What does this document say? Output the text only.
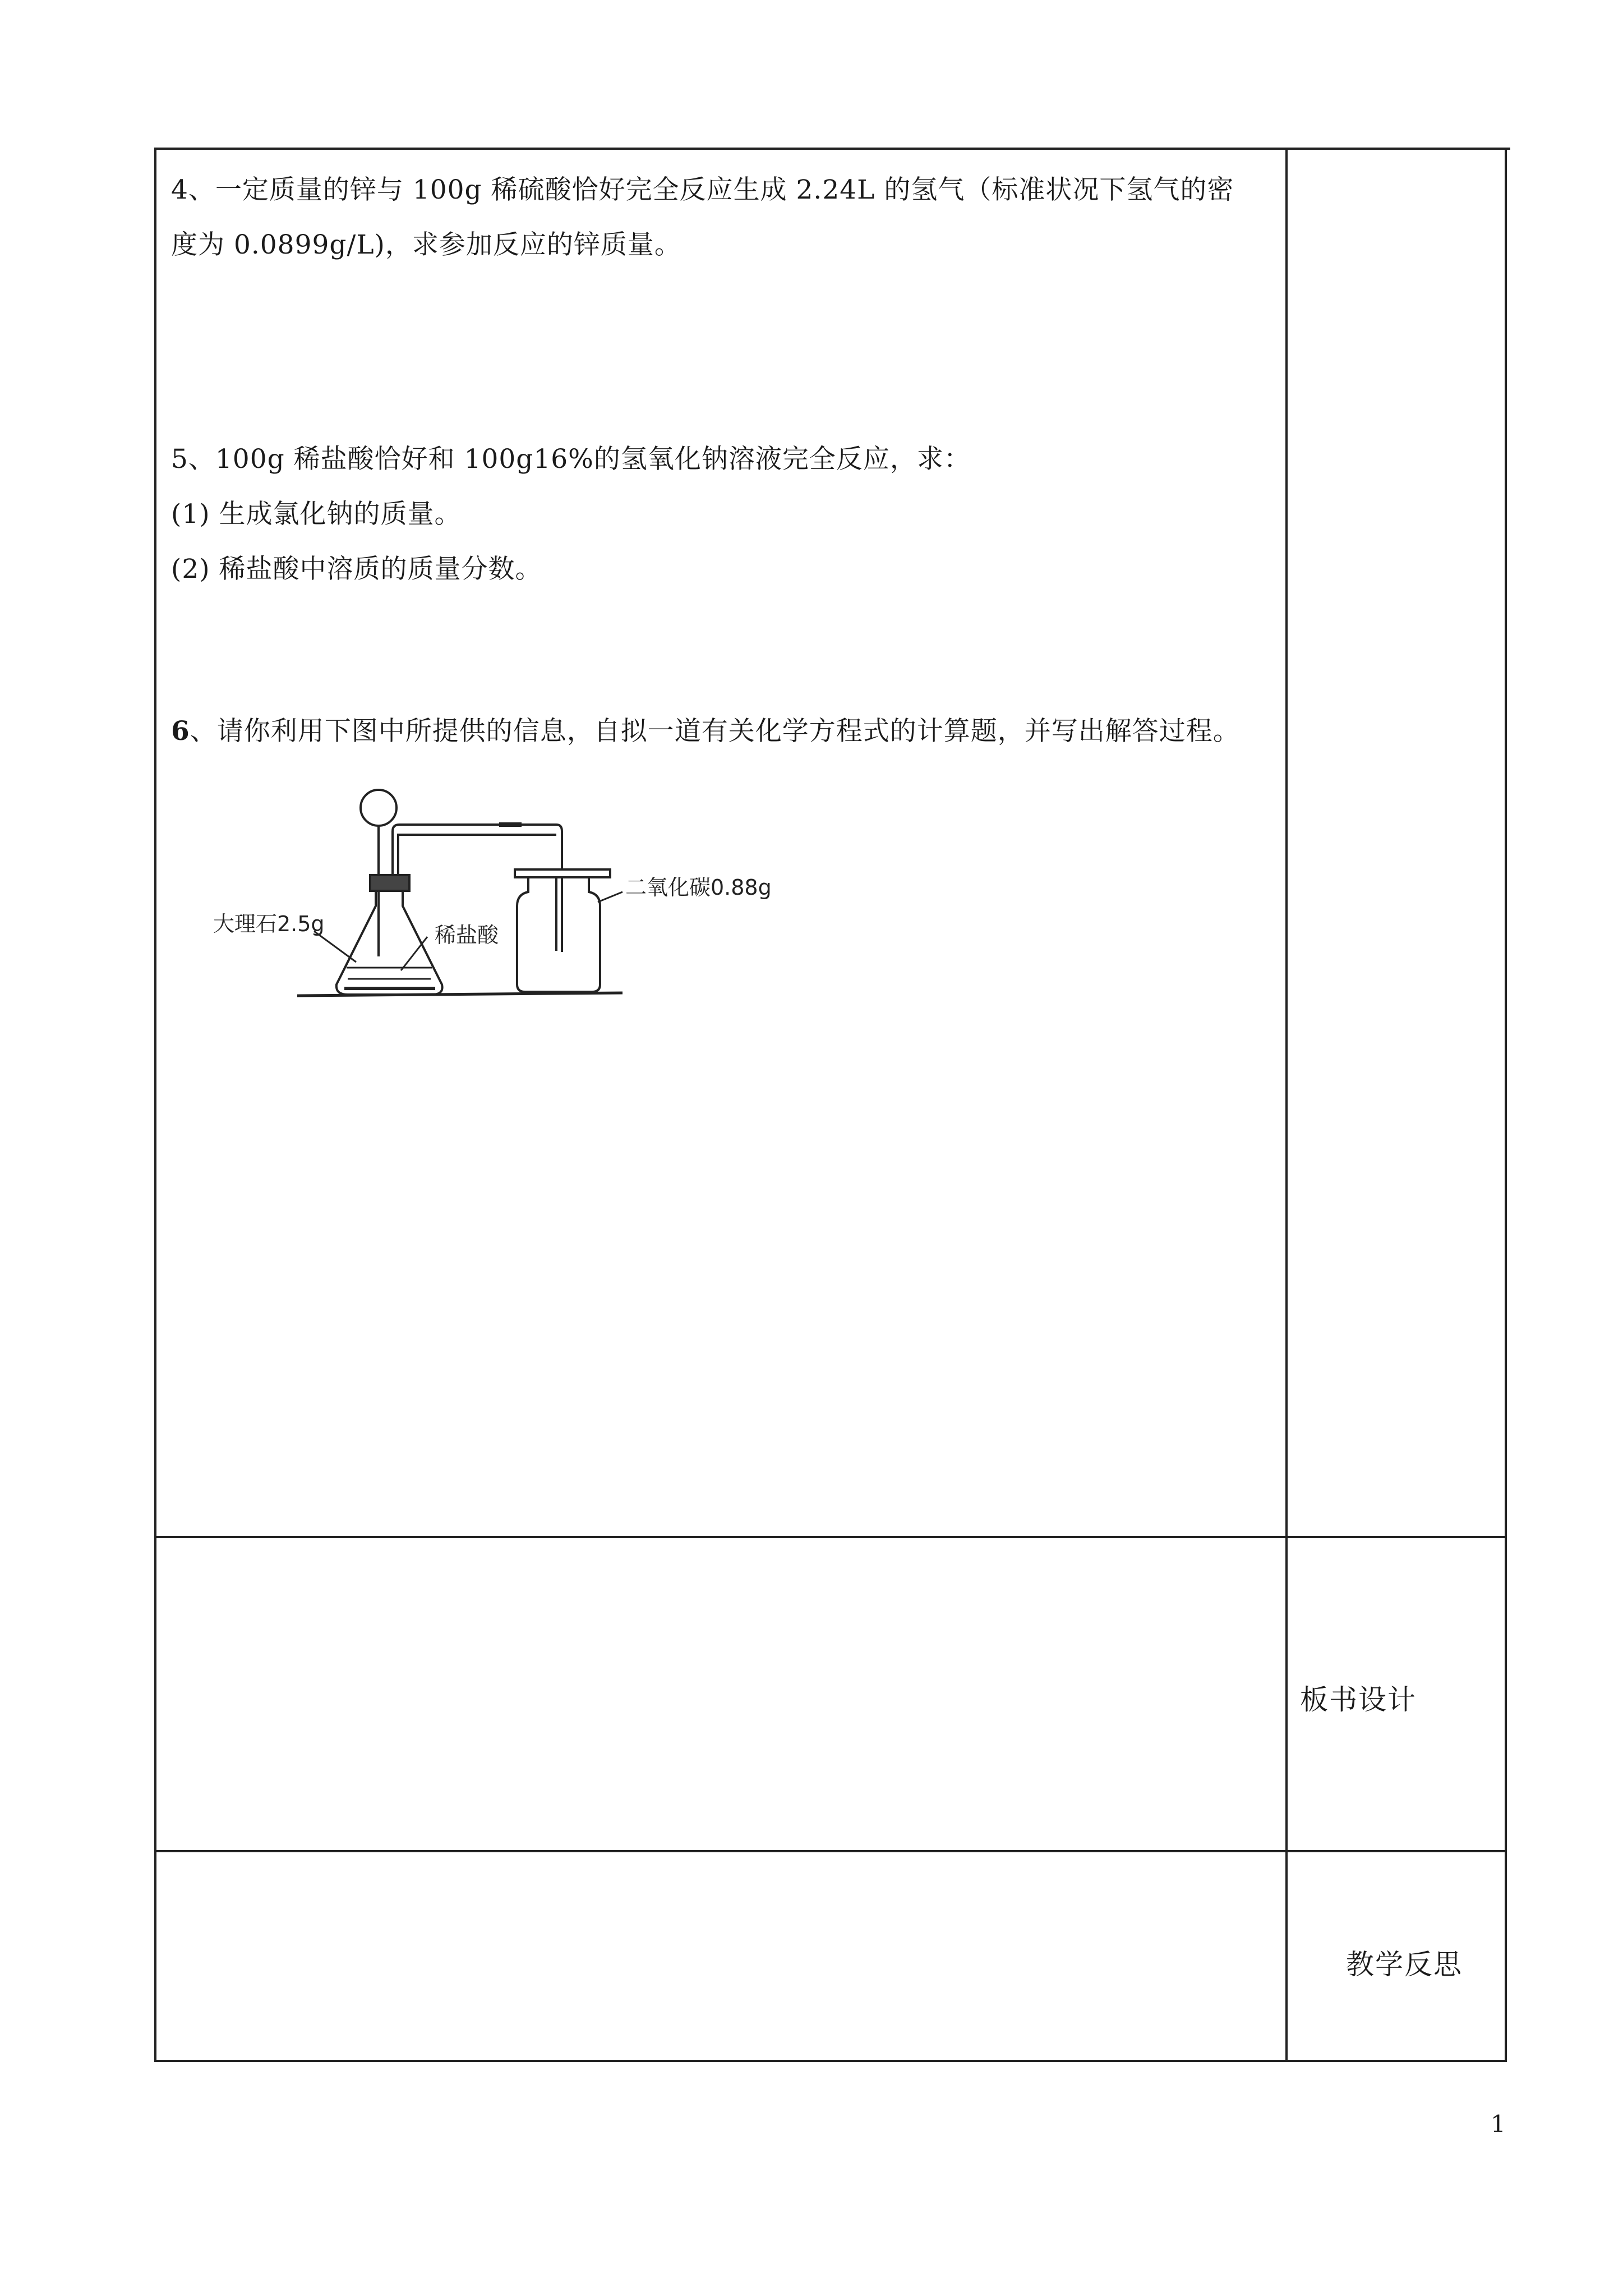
4、一定质量的锌与 100g 稀硫酸恰好完全反应生成 2.24L 的氢气（标准状况下氢气的密

度为 0.0899g/L)，求参加反应的锌质量。

5、100g 稀盐酸恰好和 100g16%的氢氧化钠溶液完全反应，求：

(1) 生成氯化钠的质量。

(2) 稀盐酸中溶质的质量分数。

6、请你利用下图中所提供的信息，自拟一道有关化学方程式的计算题，并写出解答过程。

大理石2.5g	稀盐酸
二氧化碳0.88g
板书设计
教学反思
1
